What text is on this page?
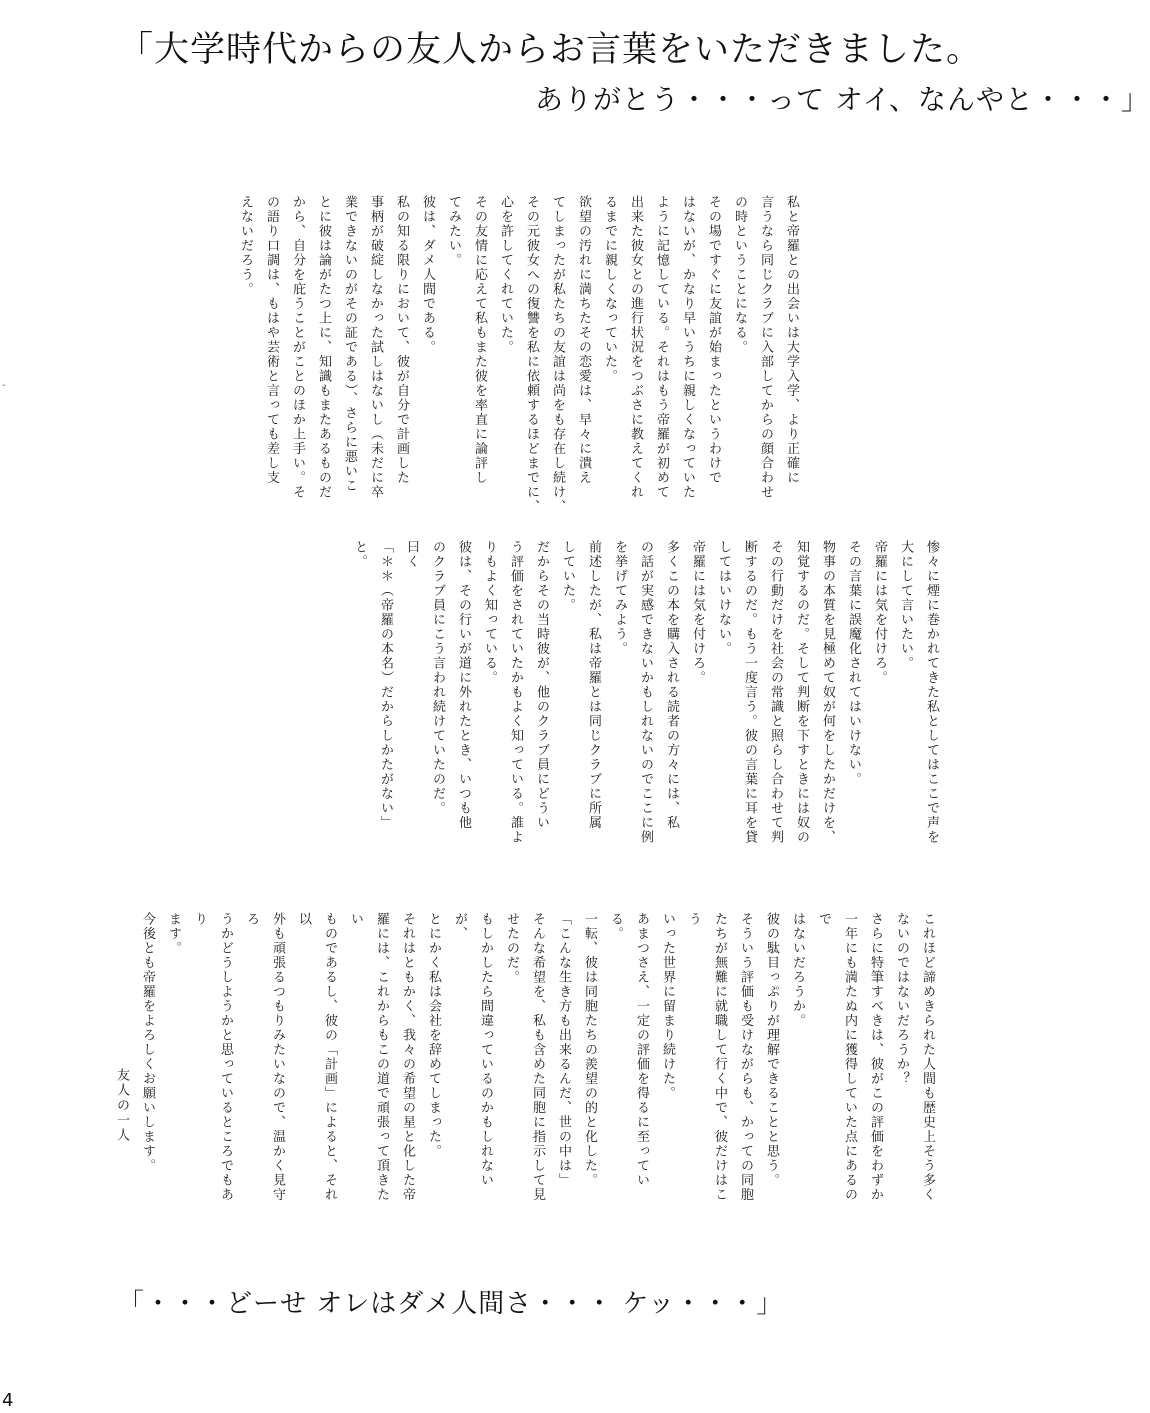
「大学時代からの友人からお言葉をいただきました。
ありがとう・・・って オイ、なんやと・・・」

私と帝羅との出会いは大学入学、より正確に

言うなら同じクラブに入部してからの顔合わせ

の時ということになる。

その場ですぐに友誼が始まったというわけで

はないが、かなり早いうちに親しくなっていた

ように記憶している。それはもう帝羅が初めて

出来た彼女との進行状況をつぶさに教えてくれ

るまでに親しくなっていた。

欲望の汚れに満ちたその恋愛は、早々に潰え

てしまったが私たちの友誼は尚をも存在し続け、

その元彼女への復讐を私に依頼するほどまでに、

心を許してくれていた。

その友情に応えて私もまた彼を率直に論評し

てみたい。

彼は、ダメ人間である。

私の知る限りにおいて、彼が自分で計画した

事柄が破綻しなかった試しはないし（未だに卒

業できないのがその証である）、さらに悪いこ

とに彼は論がたつ上に、知識もまたあるものだ

から、自分を庇うことがことのほか上手い。そ

の語り口調は、もはや芸術と言っても差し支

えないだろう。

惨々に煙に巻かれてきた私としてはここで声を

大にして言いたい。

帝羅には気を付けろ。

その言葉に誤魔化されてはいけない。

物事の本質を見極めて奴が何をしたかだけを、

知覚するのだ。そして判断を下すときには奴の

その行動だけを社会の常識と照らし合わせて判

断するのだ。もう一度言う。彼の言葉に耳を貸

してはいけない。

帝羅には気を付けろ。

多くこの本を購入される読者の方々には、私

の話が実感できないかもしれないのでここに例

を挙げてみよう。

前述したが、私は帝羅とは同じクラブに所属

していた。

だからその当時彼が、他のクラブ員にどうい

う評価をされていたかもよく知っている。誰よ

りもよく知っている。

彼は、その行いが道に外れたとき、いつも他

のクラブ員にこう言われ続けていたのだ。

曰く

「＊＊（帝羅の本名）だからしかたがない」

と。

これほど諦めきられた人間も歴史上そう多く

ないのではないだろうか？

さらに特筆すべきは、彼がこの評価をわずか

一年にも満たぬ内に獲得していた点にあるので

はないだろうか。

彼の駄目っぷりが理解できることと思う。

そういう評価も受けながらも、かっての同胞

たちが無難に就職して行く中で、彼だけはこう

いった世界に留まり続けた。

あまつさえ、一定の評価を得るに至っている。

一転、彼は同胞たちの羨望の的と化した。

「こんな生き方も出来るんだ、世の中は」

そんな希望を、私も含めた同胞に指示して見

せたのだ。

もしかしたら間違っているのかもしれないが、

とにかく私は会社を辞めてしまった。

それはともかく、我々の希望の星と化した帝

羅には、これからもこの道で頑張って頂きたい

ものであるし、彼の「計画」によると、それ以

外も頑張るつもりみたいなので、温かく見守ろ

うかどうしようかと思っているところでもあり

ます。

今後とも帝羅をよろしくお願いします。

友人の一人
「・・・どーせ オレはダメ人間さ・・・ ケッ・・・」
4
-
